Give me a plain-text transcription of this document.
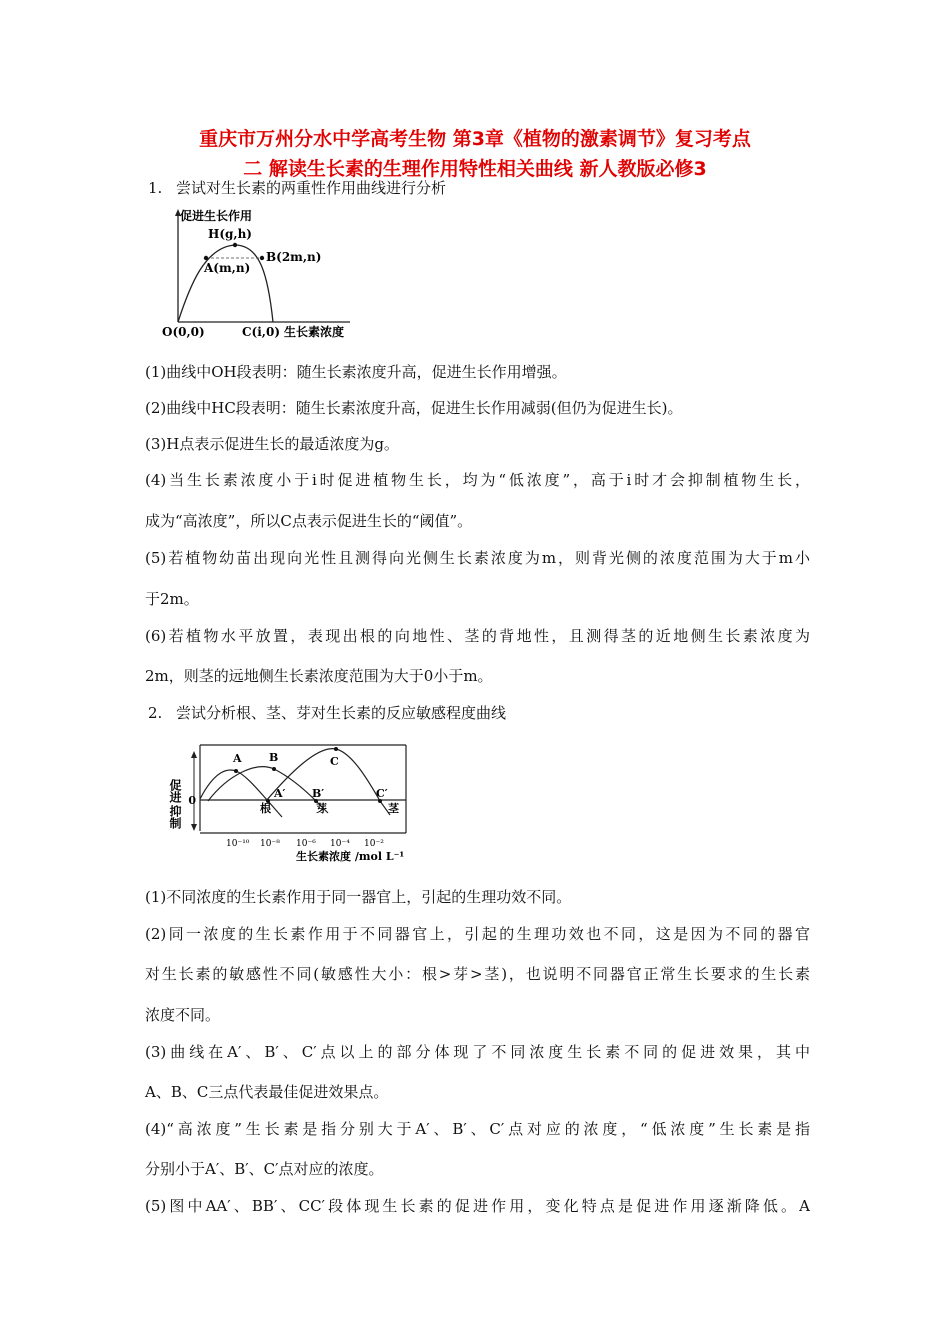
重庆市万州分水中学高考生物 第3章《植物的激素调节》复习考点
二 解读生长素的生理作用特性相关曲线 新人教版必修3
1. 尝试对生长素的两重性作用曲线进行分析
促进生长作用
H(g,h)
A(m,n)
B(2m,n)
O(0,0)	C(i,0) 生长素浓度
(1)曲线中OH段表明：随生长素浓度升高，促进生长作用增强。
(2)曲线中HC段表明：随生长素浓度升高，促进生长作用减弱(但仍为促进生长)。
(3)H点表示促进生长的最适浓度为g。
(4)当生长素浓度小于i时促进植物生长，均为“低浓度”，高于i时才会抑制植物生长，
成为“高浓度”，所以C点表示促进生长的“阈值”。
(5)若植物幼苗出现向光性且测得向光侧生长素浓度为m，则背光侧的浓度范围为大于m小
于2m。
(6)若植物水平放置，表现出根的向地性、茎的背地性，且测得茎的近地侧生长素浓度为
2m，则茎的远地侧生长素浓度范围为大于0小于m。
2. 尝试分析根、茎、芽对生长素的反应敏感程度曲线
A B	C
A′ B′	C′
根	芽	茎
促进
抑制
0
10⁻¹⁰ 10⁻⁸ 10⁻⁶ 10⁻⁴ 10⁻²
生长素浓度 /mol L⁻¹
(1)不同浓度的生长素作用于同一器官上，引起的生理功效不同。
(2)同一浓度的生长素作用于不同器官上，引起的生理功效也不同，这是因为不同的器官
对生长素的敏感性不同(敏感性大小：根>芽>茎)，也说明不同器官正常生长要求的生长素
浓度不同。
(3)曲线在A′、B′、C′点以上的部分体现了不同浓度生长素不同的促进效果，其中
A、B、C三点代表最佳促进效果点。
(4)“高浓度”生长素是指分别大于A′、B′、C′点对应的浓度，“低浓度”生长素是指
分别小于A′、B′、C′点对应的浓度。
(5)图中AA′、BB′、CC′段体现生长素的促进作用，变化特点是促进作用逐渐降低。A
